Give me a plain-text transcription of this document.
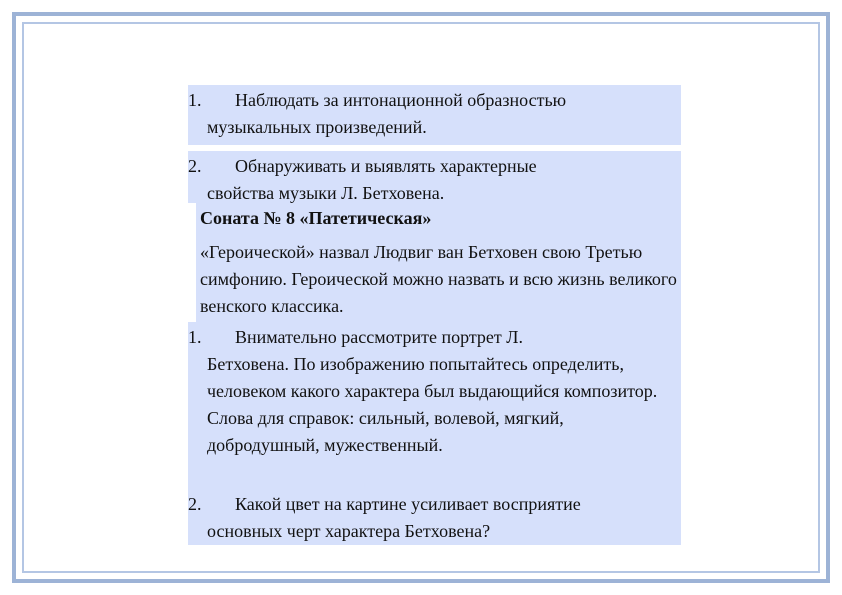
1.	Наблюдать за интонационной образностью
музыкальных произведений.
2.	Обнаруживать и выявлять характерные
свойства музыки Л. Бетховена.
Соната № 8 «Патетическая»
«Героической» назвал Людвиг ван Бетховен свою Третью симфонию. Героической можно назвать и всю жизнь великого венского классика.
1.	Внимательно рассмотрите портрет Л.
Бетховена. По изображению попытайтесь определить, человеком какого характера был выдающийся композитор. Слова для справок: сильный, волевой, мягкий, добродушный, мужественный.
2.	Какой цвет на картине усиливает восприятие
основных черт характера Бетховена?
